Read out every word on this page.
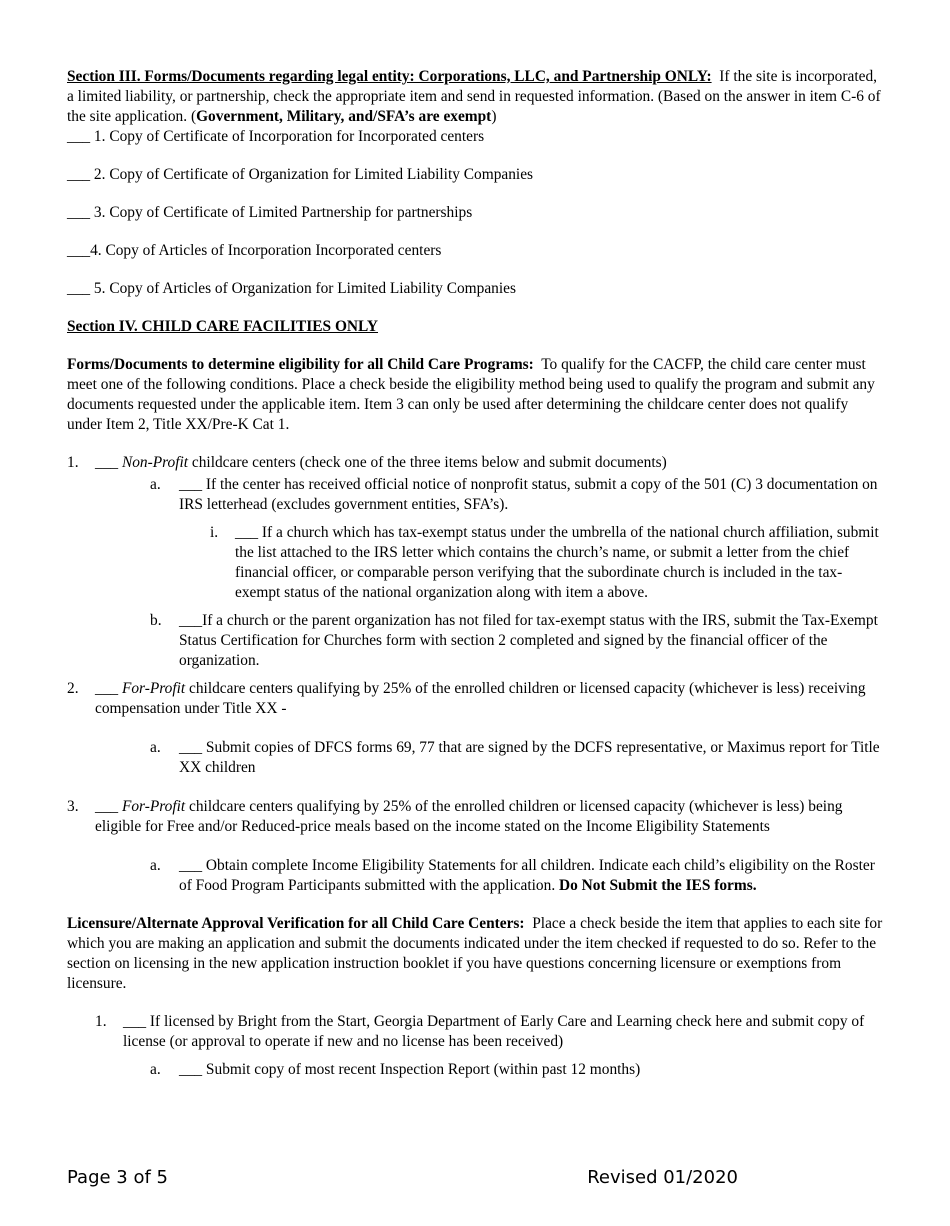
Section III. Forms/Documents regarding legal entity: Corporations, LLC, and Partnership ONLY: If the site is incorporated, a limited liability, or partnership, check the appropriate item and send in requested information. (Based on the answer in item C-6 of the site application. (Government, Military, and/SFA’s are exempt)

___ 1. Copy of Certificate of Incorporation for Incorporated centers

___ 2. Copy of Certificate of Organization for Limited Liability Companies

___ 3. Copy of Certificate of Limited Partnership for partnerships

___4. Copy of Articles of Incorporation Incorporated centers

___ 5. Copy of Articles of Organization for Limited Liability Companies

Section IV. CHILD CARE FACILITIES ONLY

Forms/Documents to determine eligibility for all Child Care Programs: To qualify for the CACFP, the child care center must meet one of the following conditions. Place a check beside the eligibility method being used to qualify the program and submit any documents requested under the applicable item. Item 3 can only be used after determining the childcare center does not qualify under Item 2, Title XX/Pre-K Cat 1.

1.	___ Non-Profit childcare centers (check one of the three items below and submit documents)
a.	___ If the center has received official notice of nonprofit status, submit a copy of the 501 (C) 3 documentation on IRS letterhead (excludes government entities, SFA’s).
i.	___ If a church which has tax-exempt status under the umbrella of the national church affiliation, submit the list attached to the IRS letter which contains the church’s name, or submit a letter from the chief financial officer, or comparable person verifying that the subordinate church is included in the tax-exempt status of the national organization along with item a above.
b.	___If a church or the parent organization has not filed for tax-exempt status with the IRS, submit the Tax-Exempt Status Certification for Churches form with section 2 completed and signed by the financial officer of the organization.
2.	___ For-Profit childcare centers qualifying by 25% of the enrolled children or licensed capacity (whichever is less) receiving compensation under Title XX -
a.	___ Submit copies of DFCS forms 69, 77 that are signed by the DCFS representative, or Maximus report for Title XX children
3.	___ For-Profit childcare centers qualifying by 25% of the enrolled children or licensed capacity (whichever is less) being eligible for Free and/or Reduced-price meals based on the income stated on the Income Eligibility Statements
a.	___ Obtain complete Income Eligibility Statements for all children. Indicate each child’s eligibility on the Roster of Food Program Participants submitted with the application. Do Not Submit the IES forms.

Licensure/Alternate Approval Verification for all Child Care Centers: Place a check beside the item that applies to each site for which you are making an application and submit the documents indicated under the item checked if requested to do so. Refer to the section on licensing in the new application instruction booklet if you have questions concerning licensure or exemptions from licensure.

1.	___ If licensed by Bright from the Start, Georgia Department of Early Care and Learning check here and submit copy of license (or approval to operate if new and no license has been received)
a.	___ Submit copy of most recent Inspection Report (within past 12 months)
Page 3 of 5	Revised 01/2020
